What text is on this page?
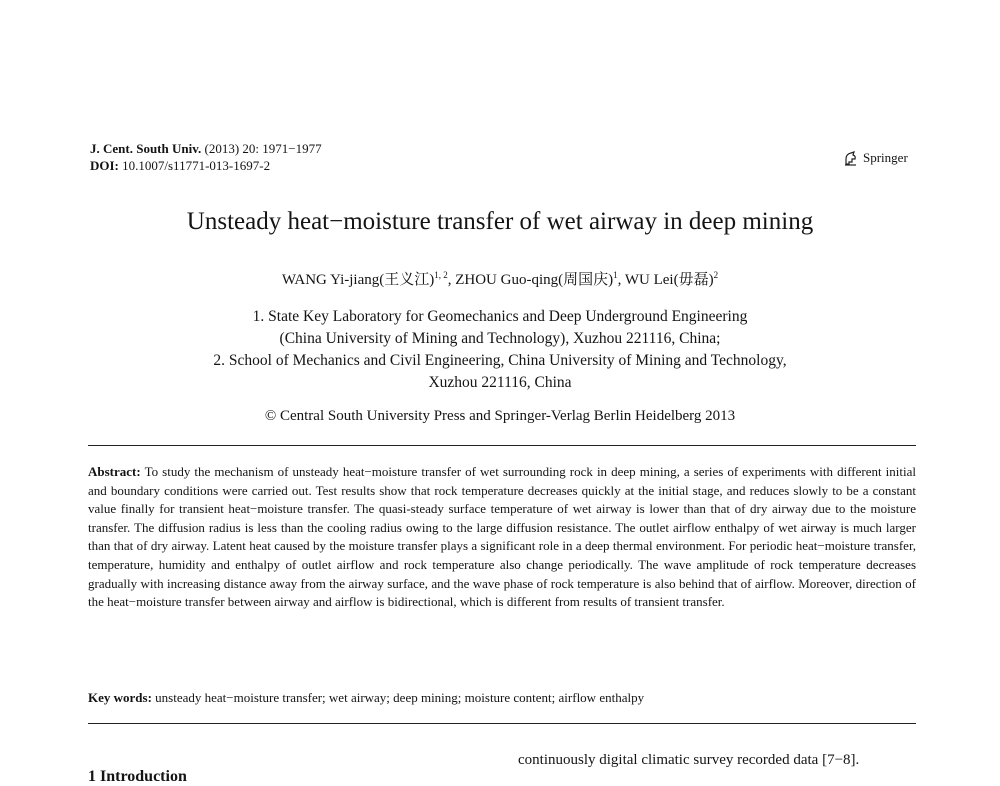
J. Cent. South Univ. (2013) 20: 1971−1977
DOI: 10.1007/s11771-013-1697-2
Springer
Unsteady heat−moisture transfer of wet airway in deep mining
WANG Yi-jiang(王义江)$^{1, 2}$, ZHOU Guo-qing(周国庆)$^1$, WU Lei(毋磊)$^2$
1. State Key Laboratory for Geomechanics and Deep Underground Engineering
(China University of Mining and Technology), Xuzhou 221116, China;
2. School of Mechanics and Civil Engineering, China University of Mining and Technology,
Xuzhou 221116, China
© Central South University Press and Springer-Verlag Berlin Heidelberg 2013
Abstract: To study the mechanism of unsteady heat−moisture transfer of wet surrounding rock in deep mining, a series of experiments with different initial and boundary conditions were carried out. Test results show that rock temperature decreases quickly at the initial stage, and reduces slowly to be a constant value finally for transient heat−moisture transfer. The quasi-steady surface temperature of wet airway is lower than that of dry airway due to the moisture transfer. The diffusion radius is less than the cooling radius owing to the large diffusion resistance. The outlet airflow enthalpy of wet airway is much larger than that of dry airway. Latent heat caused by the moisture transfer plays a significant role in a deep thermal environment. For periodic heat−moisture transfer, temperature, humidity and enthalpy of outlet airflow and rock temperature also change periodically. The wave amplitude of rock temperature decreases gradually with increasing distance away from the airway surface, and the wave phase of rock temperature is also behind that of airflow. Moreover, direction of the heat−moisture transfer between airway and airflow is bidirectional, which is different from results of transient transfer.
Key words: unsteady heat−moisture transfer; wet airway; deep mining; moisture content; airflow enthalpy
continuously digital climatic survey recorded data [7−8].
1 Introduction
